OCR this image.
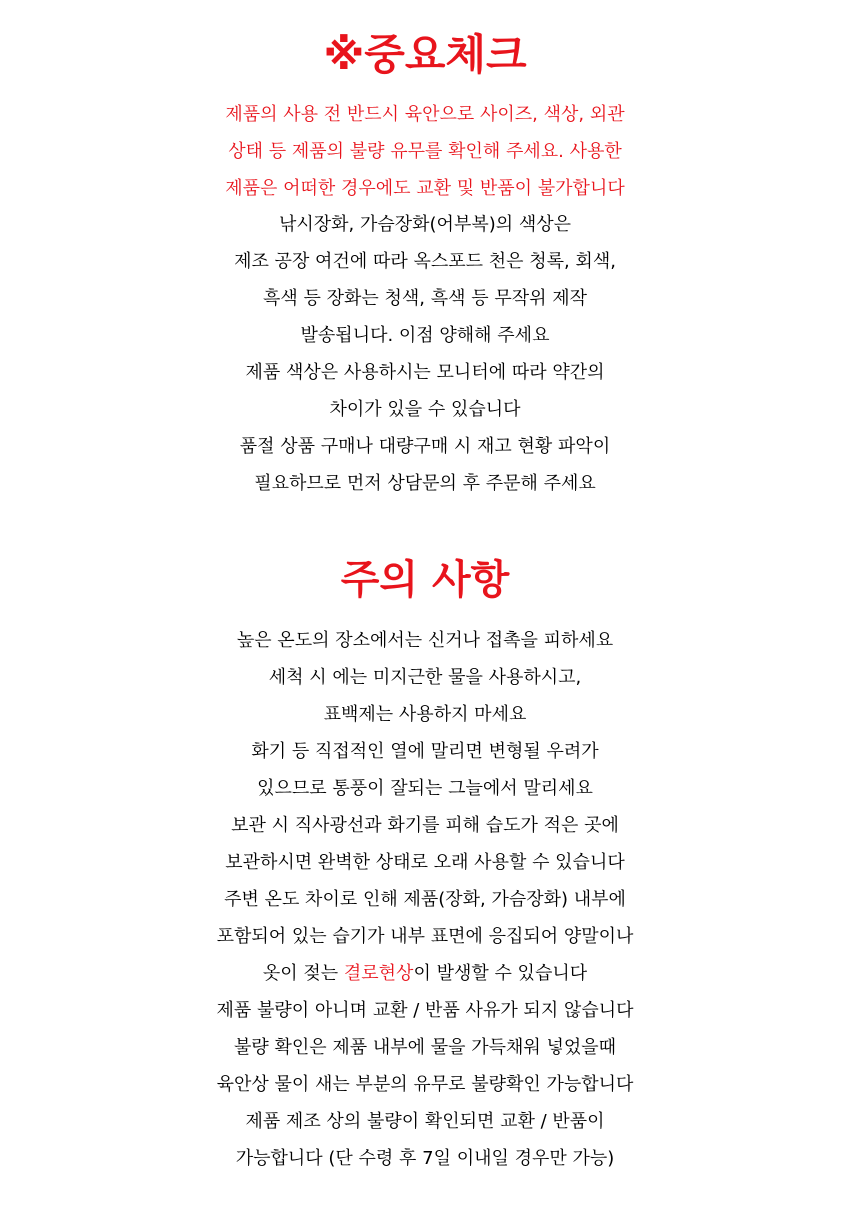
※중요체크
제품의 사용 전 반드시 육안으로 사이즈, 색상, 외관
상태 등 제품의 불량 유무를 확인해 주세요. 사용한
제품은 어떠한 경우에도 교환 및 반품이 불가합니다
낚시장화, 가슴장화(어부복)의 색상은
제조 공장 여건에 따라 옥스포드 천은 청록, 회색,
흑색 등 장화는 청색, 흑색 등 무작위 제작
발송됩니다. 이점 양해해 주세요
제품 색상은 사용하시는 모니터에 따라 약간의
차이가 있을 수 있습니다
품절 상품 구매나 대량구매 시 재고 현황 파악이
필요하므로 먼저 상담문의 후 주문해 주세요
주의 사항
높은 온도의 장소에서는 신거나 접촉을 피하세요
세척 시 에는 미지근한 물을 사용하시고,
표백제는 사용하지 마세요
화기 등 직접적인 열에 말리면 변형될 우려가
있으므로 통풍이 잘되는 그늘에서 말리세요
보관 시 직사광선과 화기를 피해 습도가 적은 곳에
보관하시면 완벽한 상태로 오래 사용할 수 있습니다
주변 온도 차이로 인해 제품(장화, 가슴장화) 내부에
포함되어 있는 습기가 내부 표면에 응집되어 양말이나
옷이 젖는 결로현상이 발생할 수 있습니다
제품 불량이 아니며 교환 / 반품 사유가 되지 않습니다
불량 확인은 제품 내부에 물을 가득채워 넣었을때
육안상 물이 새는 부분의 유무로 불량확인 가능합니다
제품 제조 상의 불량이 확인되면 교환 / 반품이
가능합니다 (단 수령 후 7일 이내일 경우만 가능)
